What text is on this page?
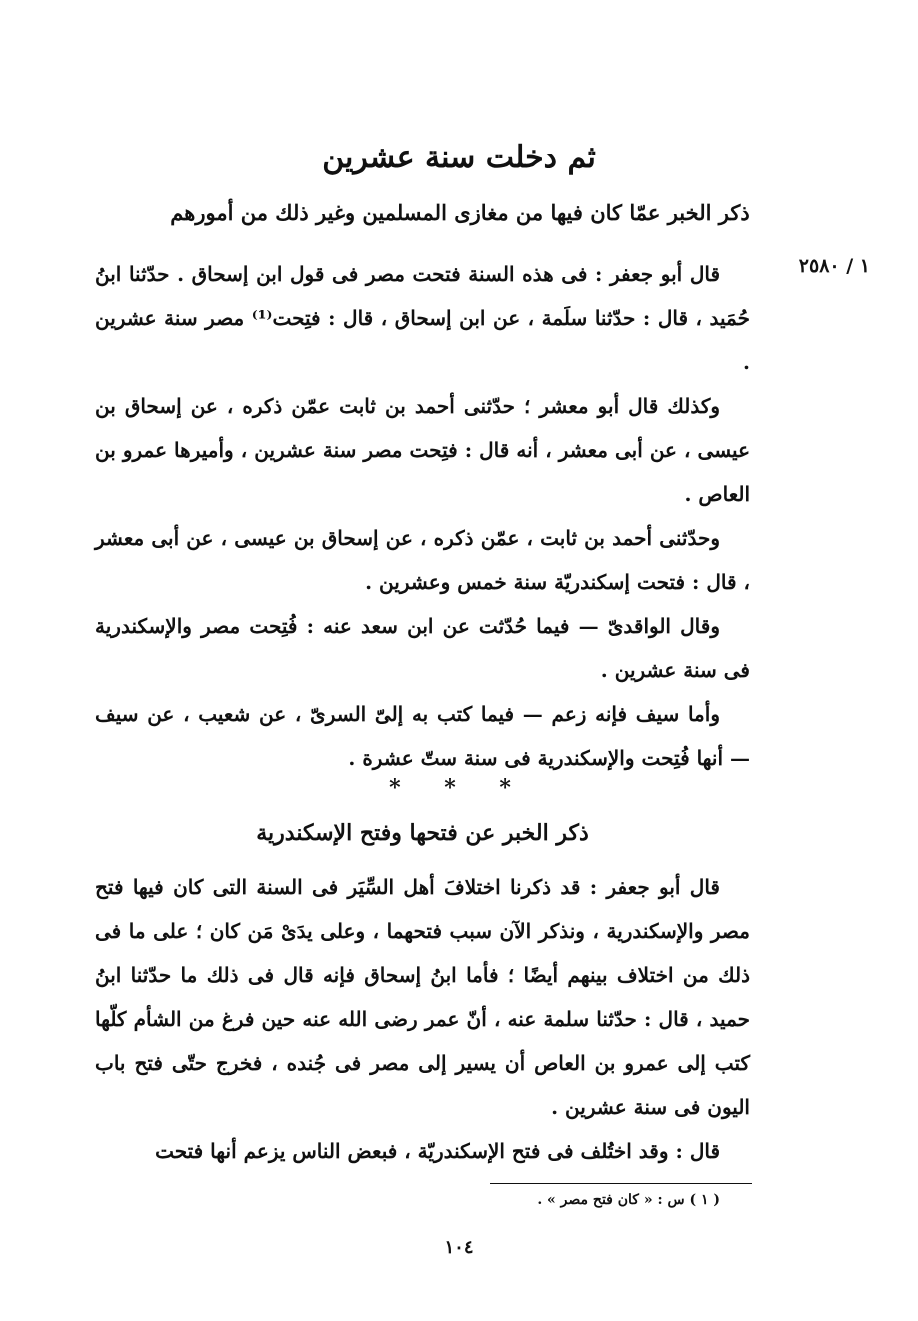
ثم دخلت سنة عشرين
ذكر الخبر عمّا كان فيها من مغازى المسلمين وغير ذلك من أمورهم
١ / ٢٥٨٠

قال أبو جعفر : فى هذه السنة فتحت مصر فى قول ابن إسحاق . حدّثنا ابنُ حُمَيد ، قال : حدّثنا سلَمة ، عن ابن إسحاق ، قال : فتِحت⁽¹⁾ مصر سنة عشرين .

وكذلك قال أبو معشر ؛ حدّثنى أحمد بن ثابت عمّن ذكره ، عن إسحاق بن عيسى ، عن أبى معشر ، أنه قال : فتِحت مصر سنة عشرين ، وأميرها عمرو بن العاص .

وحدّثنى أحمد بن ثابت ، عمّن ذكره ، عن إسحاق بن عيسى ، عن أبى معشر ، قال : فتحت إسكندريّة سنة خمس وعشرين .

وقال الواقدىّ — فيما حُدّثت عن ابن سعد عنه : فُتِحت مصر والإسكندرية فى سنة عشرين .

وأما سيف فإنه زعم — فيما كتب به إلىّ السرىّ ، عن شعيب ، عن سيف — أنها فُتِحت والإسكندرية فى سنة ستّ عشرة .

* * *
ذكر الخبر عن فتحها وفتح الإسكندرية

قال أبو جعفر : قد ذكرنا اختلافَ أهل السِّيَر فى السنة التى كان فيها فتح مصر والإسكندرية ، ونذكر الآن سبب فتحهما ، وعلى يدَىْ مَن كان ؛ على ما فى ذلك من اختلاف بينهم أيضًا ؛ فأما ابنُ إسحاق فإنه قال فى ذلك ما حدّثنا ابنُ حميد ، قال : حدّثنا سلمة عنه ، أنّ عمر رضى الله عنه حين فرغ من الشأم كلّها كتب إلى عمرو بن العاص أن يسير إلى مصر فى جُنده ، فخرج حتّى فتح باب اليون فى سنة عشرين .

قال : وقد اختُلف فى فتح الإسكندريّة ، فبعض الناس يزعم أنها فتحت

( ١ ) س : « كان فتح مصر » .
١٠٤
